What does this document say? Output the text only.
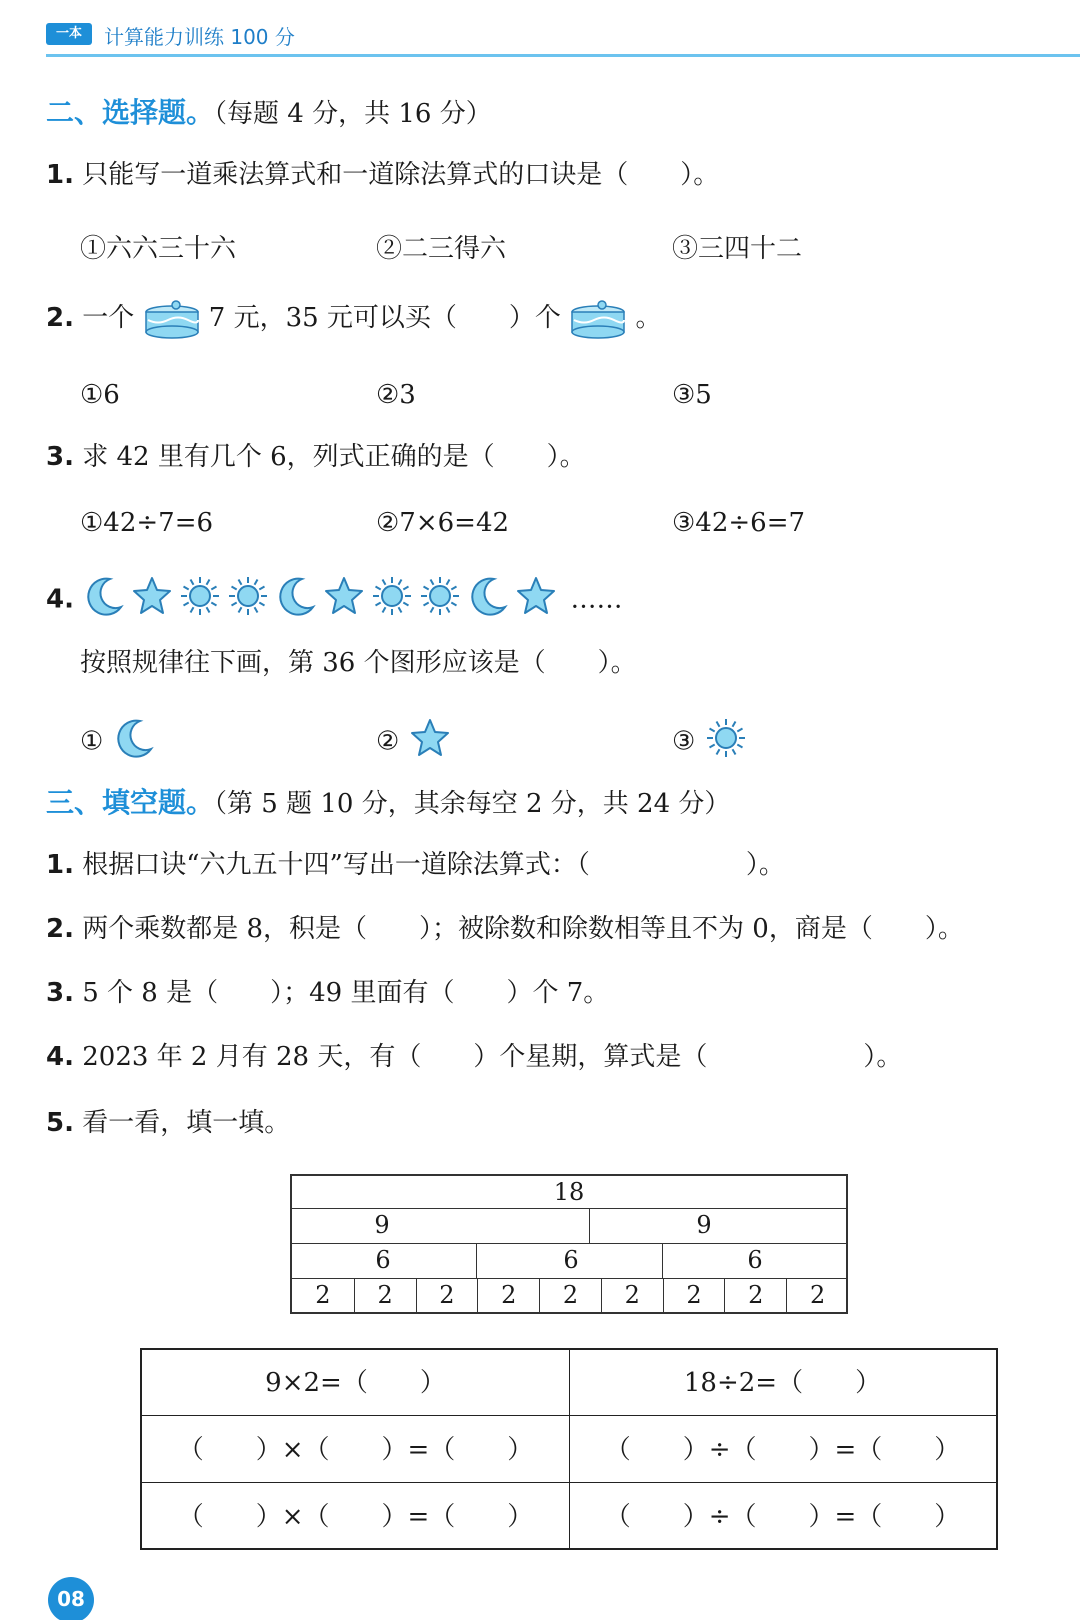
一本	计算能力训练 100 分
二、选择题。（每题 4 分，共 16 分）
1. 只能写一道乘法算式和一道除法算式的口诀是（　　）。
①六六三十六	②二三得六	③三四十二
2. 一个	7 元，35 元可以买（　　）个	。
①6	②3	③5
3. 求 42 里有几个 6，列式正确的是（　　）。
①42÷7=6	②7×6=42	③42÷6=7
4.	……
按照规律往下画，第 36 个图形应该是（　　）。
①	②	③
三、填空题。（第 5 题 10 分，其余每空 2 分，共 24 分）
1. 根据口诀“六九五十四”写出一道除法算式：（　　　　　　）。
2. 两个乘数都是 8，积是（　　）；被除数和除数相等且不为 0，商是（　　）。
3. 5 个 8 是（　　）；49 里面有（　　）个 7。
4. 2023 年 2 月有 28 天，有（　　）个星期，算式是（　　　　　　）。
5. 看一看，填一填。
18
9	9
6	6	6
2	2	2	2	2	2	2	2	2
9×2=（　　）	18÷2=（　　）
（　　）×（　　）=（　　）	（　　）÷（　　）=（　　）
（　　）×（　　）=（　　）	（　　）÷（　　）=（　　）
08
